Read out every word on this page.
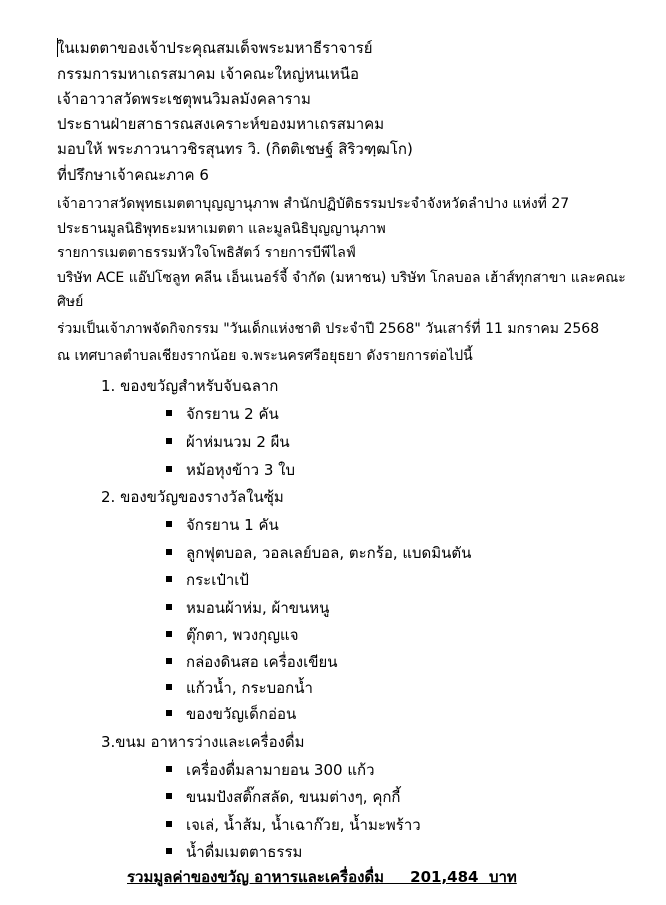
ในเมตตาของเจ้าประคุณสมเด็จพระมหาธีราจารย์
กรรมการมหาเถรสมาคม เจ้าคณะใหญ่หนเหนือ
เจ้าอาวาสวัดพระเชตุพนวิมลมังคลาราม
ประธานฝ่ายสาธารณสงเคราะห์ของมหาเถรสมาคม
มอบให้ พระภาวนาวชิรสุนทร วิ. (กิตติเชษฐ์ สิริวฑฺฒโก)
ที่ปรึกษาเจ้าคณะภาค 6
เจ้าอาวาสวัดพุทธเมตตาบุญญานุภาพ สำนักปฏิบัติธรรมประจำจังหวัดลำปาง แห่งที่ 27
ประธานมูลนิธิพุทธะมหาเมตตา และมูลนิธิบุญญานุภาพ
รายการเมตตาธรรมหัวใจโพธิสัตว์ รายการบีพีไลฟ์
บริษัท ACE แอ๊ปโซลูท คลีน เอ็นเนอร์จี้ จำกัด (มหาชน) บริษัท โกลบอล เฮ้าส์ทุกสาขา และคณะ
ศิษย์
ร่วมเป็นเจ้าภาพจัดกิจกรรม "วันเด็กแห่งชาติ ประจำปี 2568" วันเสาร์ที่ 11 มกราคม 2568
ณ เทศบาลตำบลเชียงรากน้อย จ.พระนครศรีอยุธยา ดังรายการต่อไปนี้
1. ของขวัญสำหรับจับฉลาก
จักรยาน 2 คัน
ผ้าห่มนวม 2 ผืน
หม้อหุงข้าว 3 ใบ
2. ของขวัญของรางวัลในซุ้ม
จักรยาน 1 คัน
ลูกฟุตบอล, วอลเลย์บอล, ตะกร้อ, แบดมินตัน
กระเป๋าเป้
หมอนผ้าห่ม, ผ้าขนหนู
ตุ๊กตา, พวงกุญแจ
กล่องดินสอ เครื่องเขียน
แก้วน้ำ, กระบอกน้ำ
ของขวัญเด็กอ่อน
3.ขนม อาหารว่างและเครื่องดื่ม
เครื่องดื่มลามายอน 300 แก้ว
ขนมปังสติ๊กสลัด, ขนมต่างๆ, คุกกี้
เจเล่, น้ำส้ม, น้ำเฉาก๊วย, น้ำมะพร้าว
น้ำดื่มเมตตาธรรม
รวมมูลค่าของขวัญ อาหารและเครื่องดื่ม     201,484  บาท
